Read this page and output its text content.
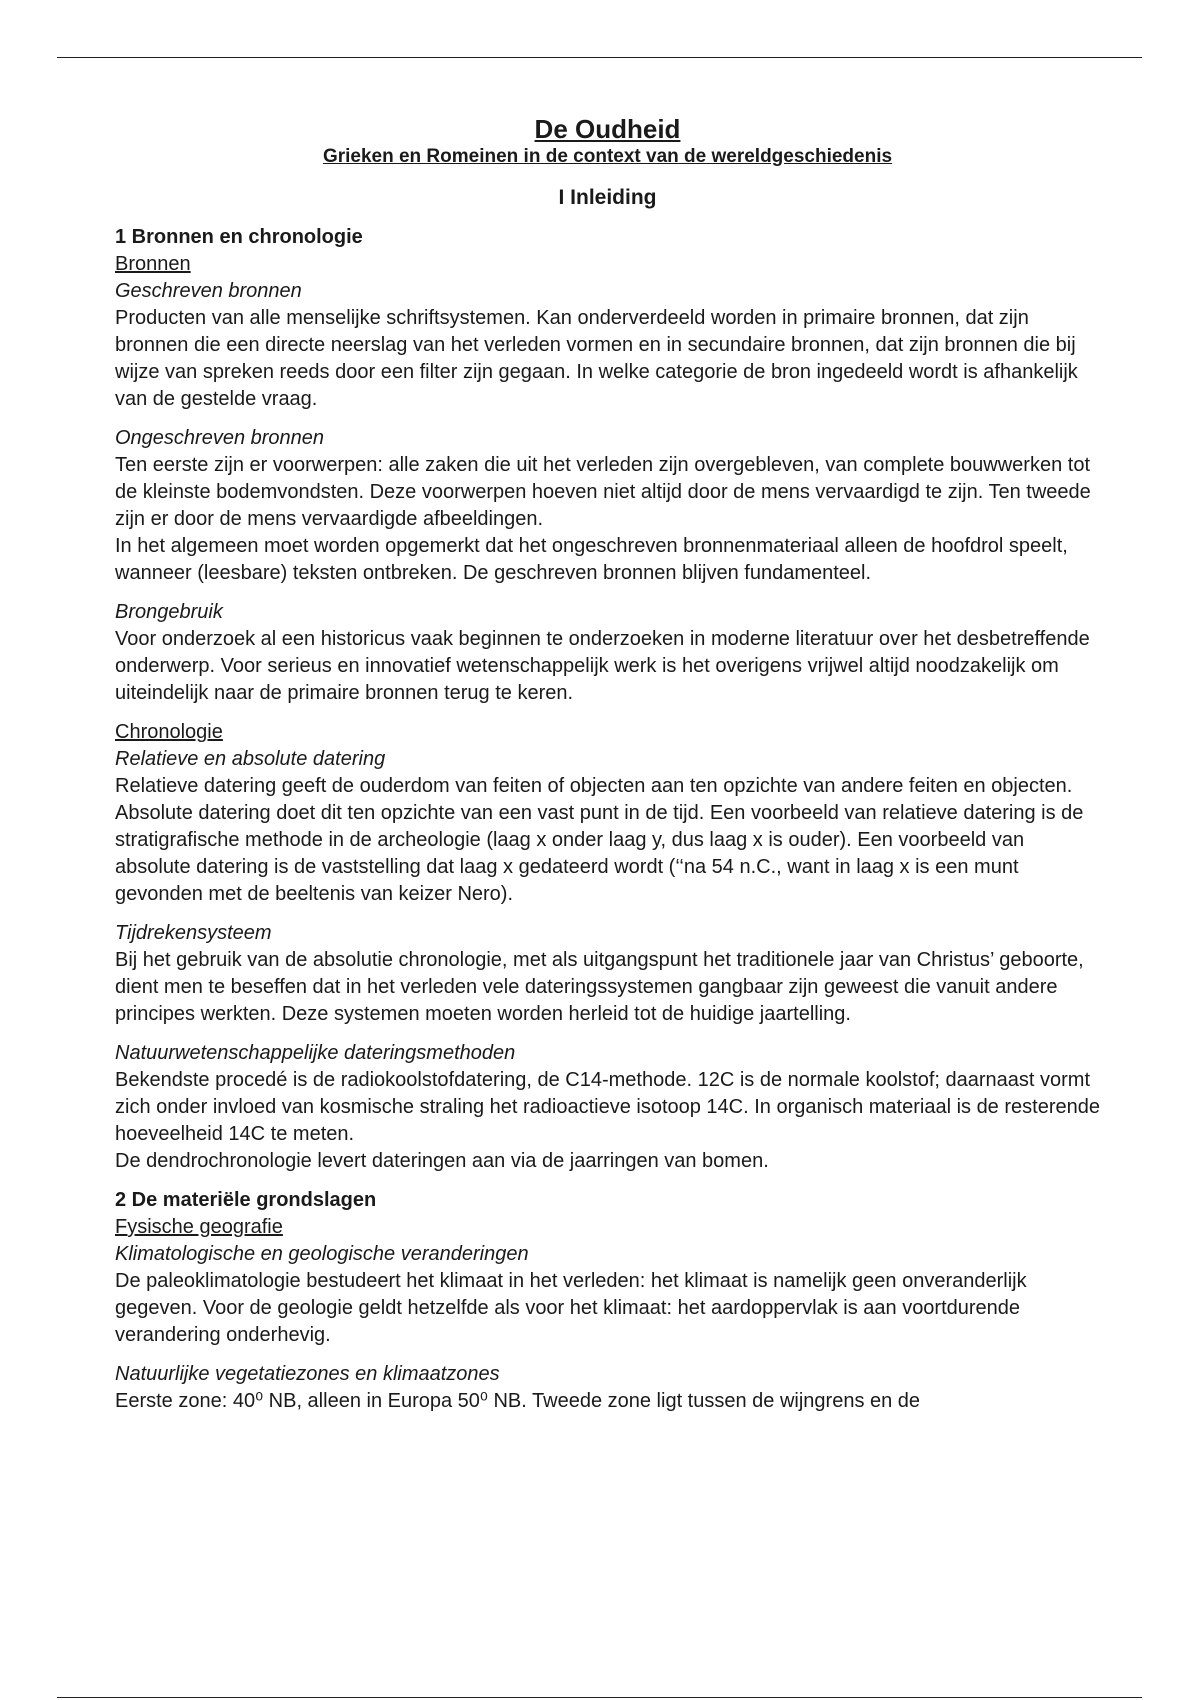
De Oudheid

Grieken en Romeinen in de context van de wereldgeschiedenis

I Inleiding

1 Bronnen en chronologie

Bronnen

Geschreven bronnen

Producten van alle menselijke schriftsystemen. Kan onderverdeeld worden in primaire bronnen, dat zijn bronnen die een directe neerslag van het verleden vormen en in secundaire bronnen, dat zijn bronnen die bij wijze van spreken reeds door een filter zijn gegaan. In welke categorie de bron ingedeeld wordt is afhankelijk van de gestelde vraag.

Ongeschreven bronnen

Ten eerste zijn er voorwerpen: alle zaken die uit het verleden zijn overgebleven, van complete bouwwerken tot de kleinste bodemvondsten. Deze voorwerpen hoeven niet altijd door de mens vervaardigd te zijn. Ten tweede zijn er door de mens vervaardigde afbeeldingen.

In het algemeen moet worden opgemerkt dat het ongeschreven bronnenmateriaal alleen de hoofdrol speelt, wanneer (leesbare) teksten ontbreken. De geschreven bronnen blijven fundamenteel.

Brongebruik

Voor onderzoek al een historicus vaak beginnen te onderzoeken in moderne literatuur over het desbetreffende onderwerp. Voor serieus en innovatief wetenschappelijk werk is het overigens vrijwel altijd noodzakelijk om uiteindelijk naar de primaire bronnen terug te keren.

Chronologie

Relatieve en absolute datering

Relatieve datering geeft de ouderdom van feiten of objecten aan ten opzichte van andere feiten en objecten. Absolute datering doet dit ten opzichte van een vast punt in de tijd. Een voorbeeld van relatieve datering is de stratigrafische methode in de archeologie (laag x onder laag y, dus laag x is ouder). Een voorbeeld van absolute datering is de vaststelling dat laag x gedateerd wordt (‘‘na 54 n.C., want in laag x is een munt gevonden met de beeltenis van keizer Nero).

Tijdrekensysteem

Bij het gebruik van de absolutie chronologie, met als uitgangspunt het traditionele jaar van Christus’ geboorte, dient men te beseffen dat in het verleden vele dateringssystemen gangbaar zijn geweest die vanuit andere principes werkten. Deze systemen moeten worden herleid tot de huidige jaartelling.

Natuurwetenschappelijke dateringsmethoden

Bekendste procedé is de radiokoolstofdatering, de C14-methode. 12C is de normale koolstof; daarnaast vormt zich onder invloed van kosmische straling het radioactieve isotoop 14C. In organisch materiaal is de resterende hoeveelheid 14C te meten.

De dendrochronologie levert dateringen aan via de jaarringen van bomen.

2 De materiële grondslagen

Fysische geografie

Klimatologische en geologische veranderingen

De paleoklimatologie bestudeert het klimaat in het verleden: het klimaat is namelijk geen onveranderlijk gegeven. Voor de geologie geldt hetzelfde als voor het klimaat: het aardoppervlak is aan voortdurende verandering onderhevig.

Natuurlijke vegetatiezones en klimaatzones

Eerste zone: 40⁰ NB, alleen in Europa 50⁰ NB. Tweede zone ligt tussen de wijngrens en de
